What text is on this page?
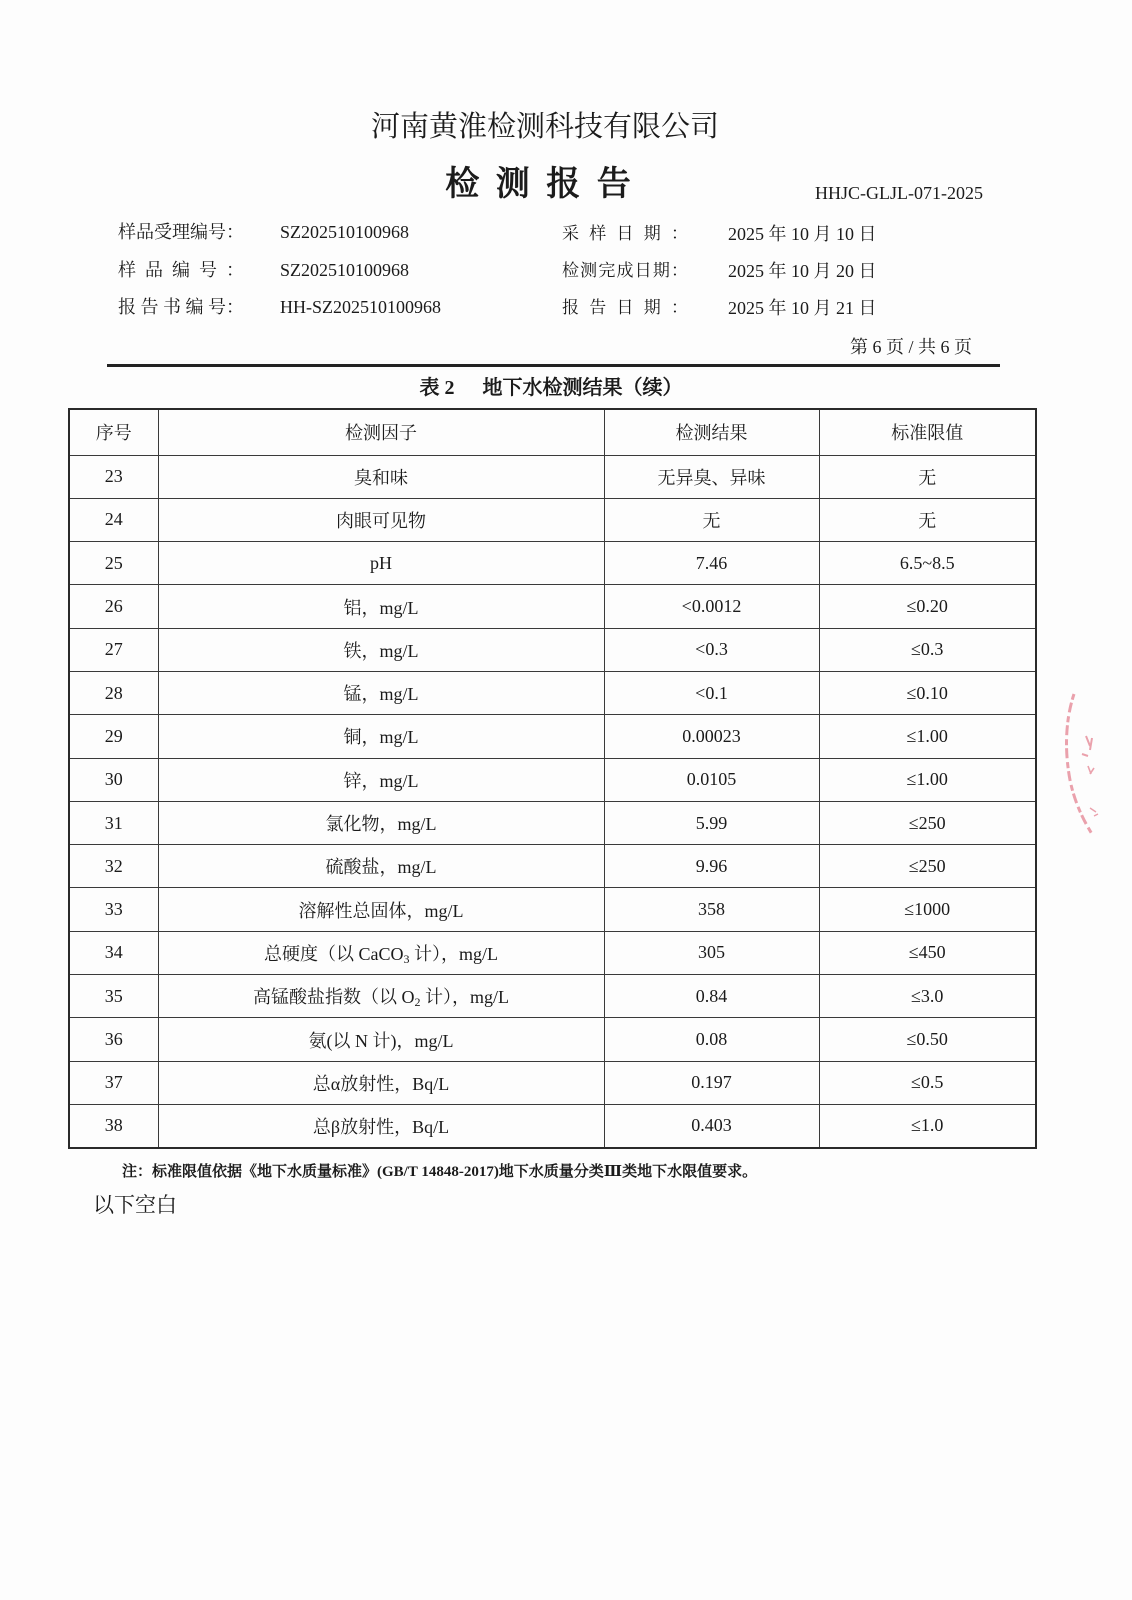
河南黄淮检测科技有限公司
检 测 报 告	HHJC-GLJL-071-2025
样品受理编号： SZ202510100968
样 品 编 号 ： SZ202510100968
报 告 书 编 号： HH-SZ202510100968
采 样 日 期 ： 2025 年 10 月 10 日
检测完成日期： 2025 年 10 月 20 日
报 告 日 期 ： 2025 年 10 月 21 日
第 6 页 / 共 6 页
表 2 地下水检测结果（续）
序号	检测因子	检测结果	标准限值
23	臭和味	无异臭、异味	无
24	肉眼可见物	无	无
25	pH	7.46	6.5~8.5
26	铝，mg/L	<0.0012	≤0.20
27	铁，mg/L	<0.3	≤0.3
28	锰，mg/L	<0.1	≤0.10
29	铜，mg/L	0.00023	≤1.00
30	锌，mg/L	0.0105	≤1.00
31	氯化物，mg/L	5.99	≤250
32	硫酸盐，mg/L	9.96	≤250
33	溶解性总固体，mg/L	358	≤1000
34	总硬度（以 CaCO$_3$ 计），mg/L	305	≤450
35	高锰酸盐指数（以 $O_2$ 计），mg/L	0.84	≤3.0
36	氨(以 N 计)，mg/L	0.08	≤0.50
37	总α放射性，Bq/L	0.197	≤0.5
38	总β放射性，Bq/L	0.403	≤1.0
注：标准限值依据《地下水质量标准》(GB/T 14848-2017)地下水质量分类Ⅲ类地下水限值要求。
以下空白
